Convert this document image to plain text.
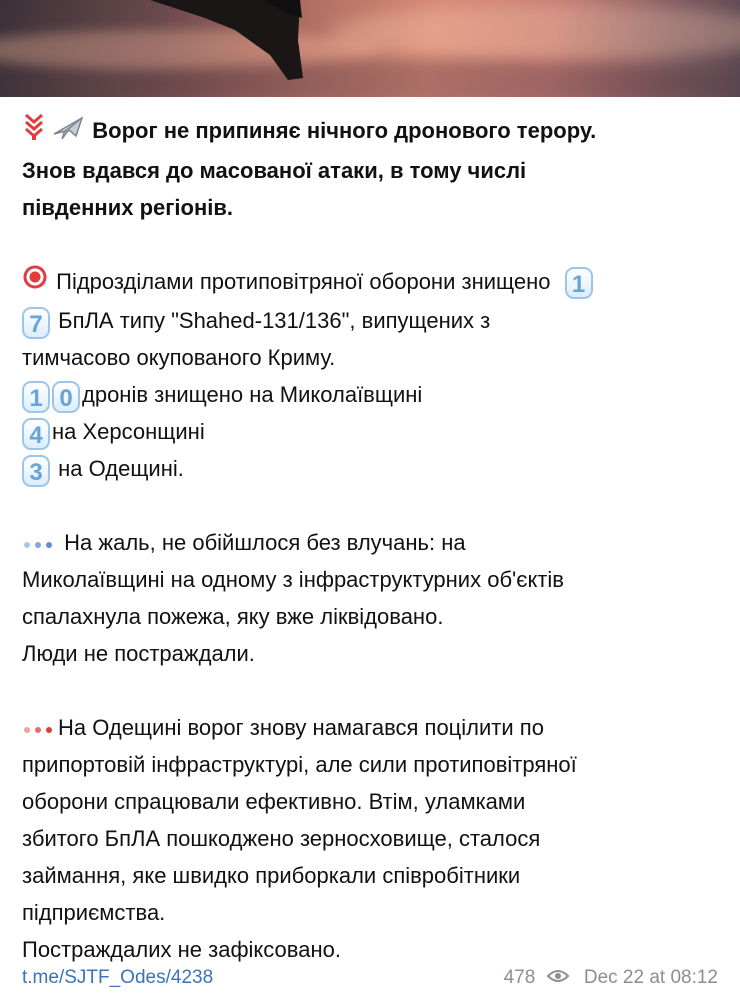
Ворог не припиняє нічного дронового терору.
Знов вдався до масованої атаки, в тому числі
південних регіонів.
Підрозділами протиповітряної оборони знищено 1
7 БпЛА типу "Shahed-131/136", випущених з
тимчасово окупованого Криму.
1 0 дронів знищено на Миколаївщині
4 на Херсонщині
3 на Одещині.
На жаль, не обійшлося без влучань: на
Миколаївщині на одному з інфраструктурних об'єктів
спалахнула пожежа, яку вже ліквідовано.
Люди не постраждали.
На Одещині ворог знову намагався поцілити по
припортовій інфраструктурі, але сили протиповітряної
оборони спрацювали ефективно. Втім, уламками
збитого БпЛА пошкоджено зерносховище, сталося
займання, яке швидко приборкали співробітники
підприємства.
Постраждалих не зафіксовано.
t.me/SJTF_Odes/4238	478	Dec 22 at 08:12
